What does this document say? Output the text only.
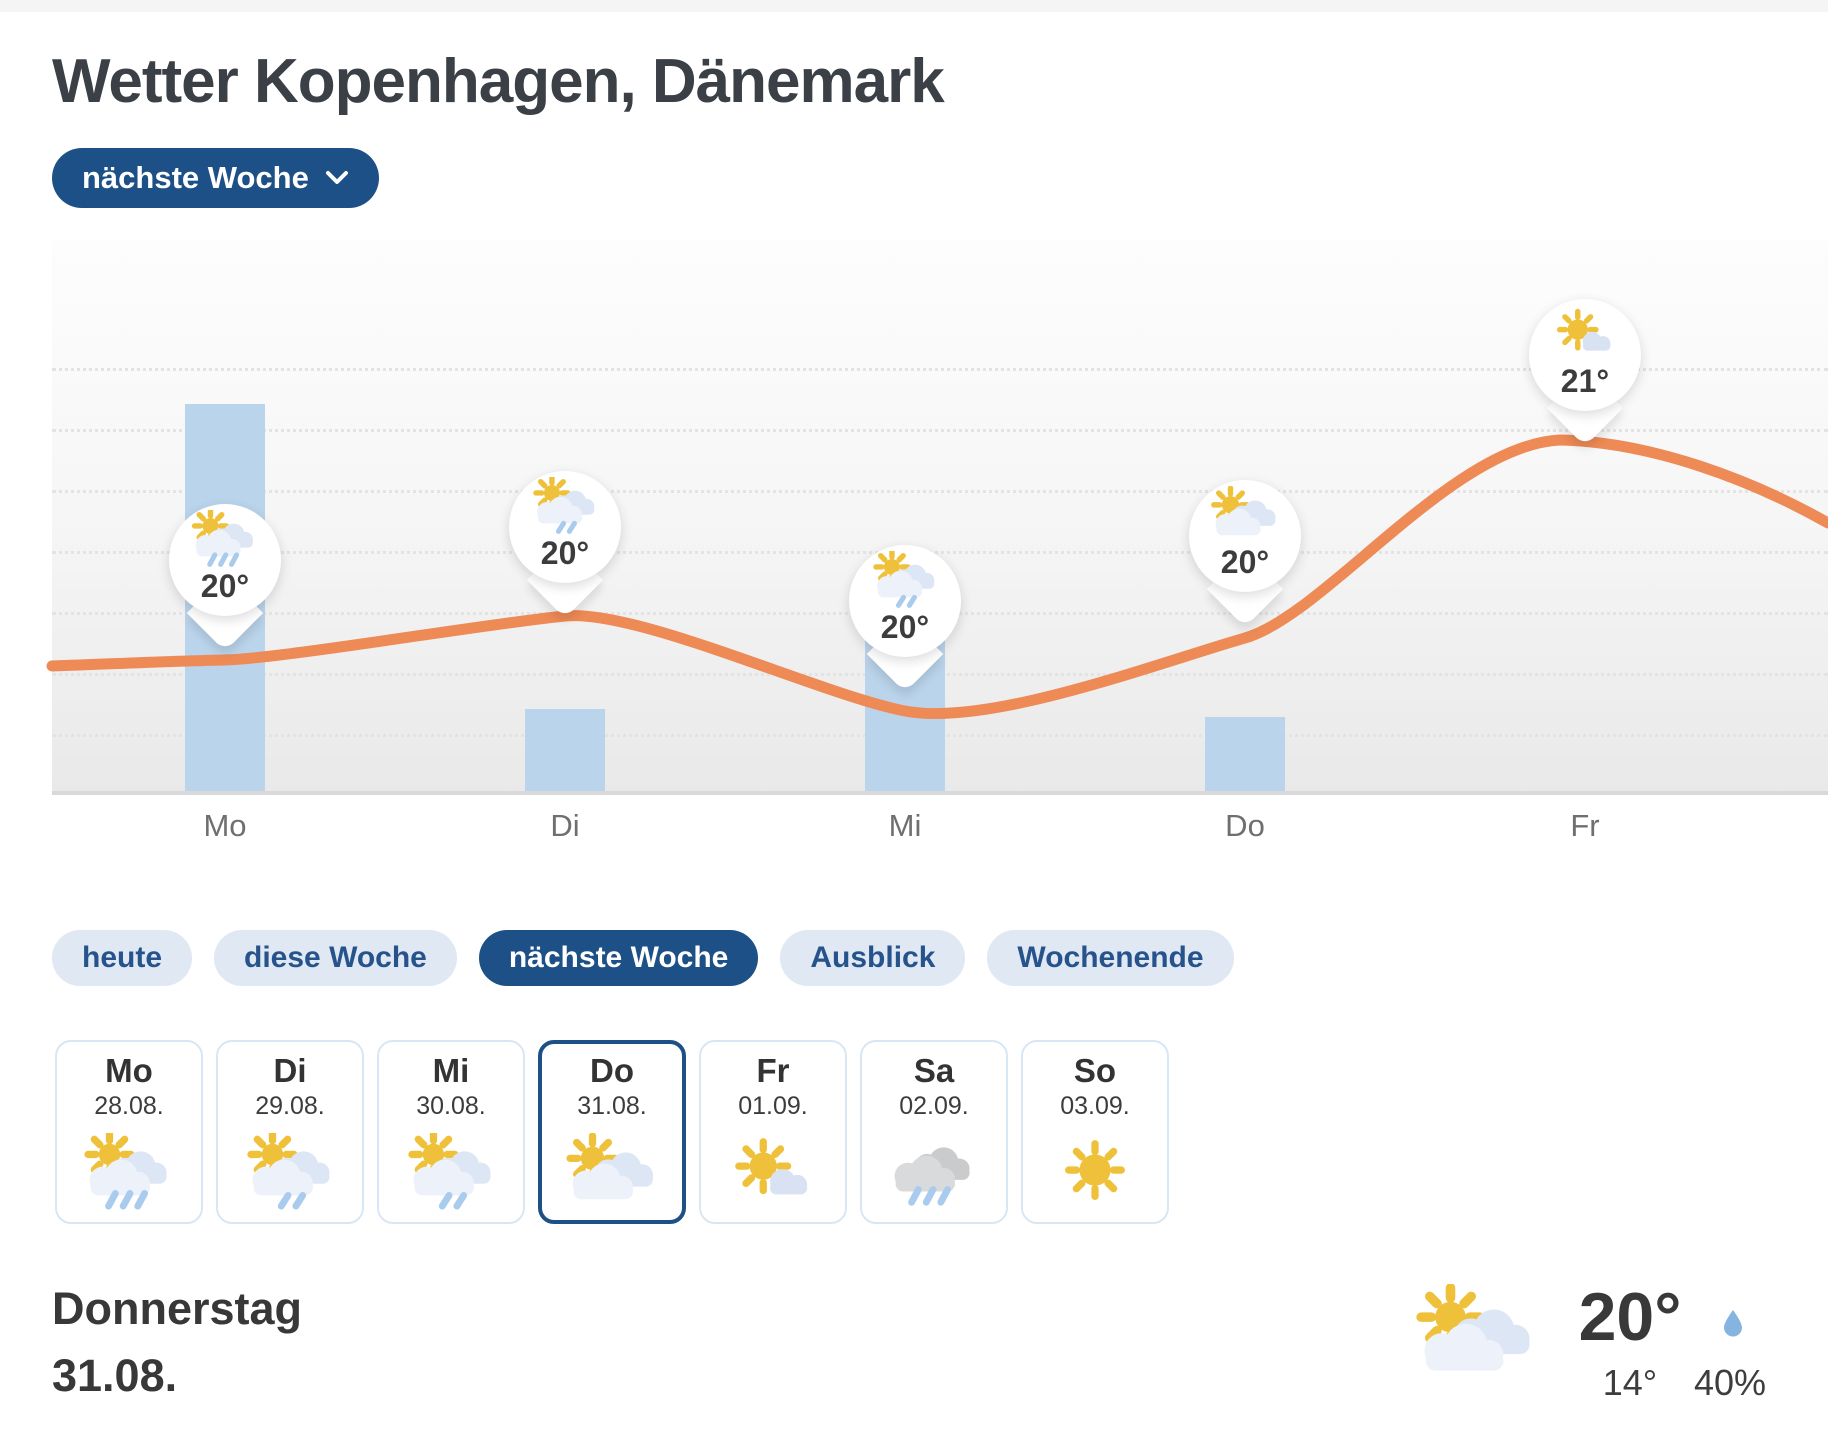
Wetter Kopenhagen, Dänemark
nächste Woche
Mo	Di	Mi	Do	Fr
20°
20°
20°
20°
21°
heute	diese Woche	nächste Woche	Ausblick	Wochenende
Mo
28.08.
Di
29.08.
Mi
30.08.
Do
31.08.
Fr
01.09.
Sa
02.09.
So
03.09.
Donnerstag
31.08.
20°
14°	40%
